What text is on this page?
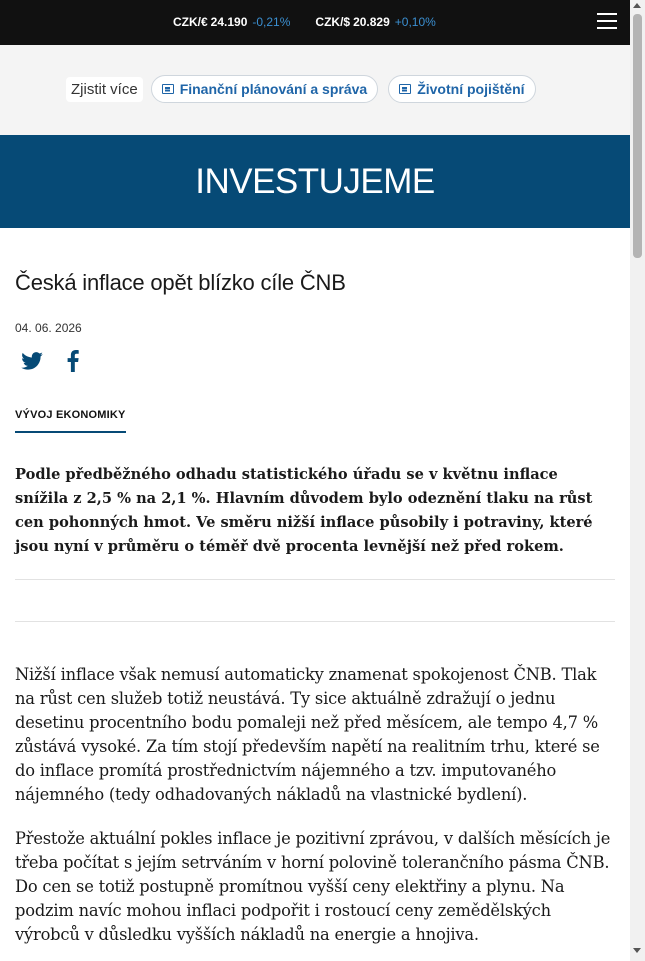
CZK/€ 24.190 -0,21% CZK/$ 20.829 +0,10%
Zjistit více	Finanční plánování a správa	Životní pojištění
INVESTUJEME
Česká inflace opět blízko cíle ČNB
04. 06. 2026
VÝVOJ EKONOMIKY

Podle předběžného odhadu statistického úřadu se v květnu inflace snížila z 2,5 % na 2,1 %. Hlavním důvodem bylo odeznění tlaku na růst cen pohonných hmot. Ve směru nižší inflace působily i potraviny, které jsou nyní v průměru o téměř dvě procenta levnější než před rokem.

Nižší inflace však nemusí automaticky znamenat spokojenost ČNB. Tlak na růst cen služeb totiž neustává. Ty sice aktuálně zdražují o jednu desetinu procentního bodu pomaleji než před měsícem, ale tempo 4,7 % zůstává vysoké. Za tím stojí především napětí na realitním trhu, které se do inflace promítá prostřednictvím nájemného a tzv. imputovaného nájemného (tedy odhadovaných nákladů na vlastnické bydlení).

Přestože aktuální pokles inflace je pozitivní zprávou, v dalších měsících je třeba počítat s jejím setrváním v horní polovině tolerančního pásma ČNB. Do cen se totiž postupně promítnou vyšší ceny elektřiny a plynu. Na podzim navíc mohou inflaci podpořit i rostoucí ceny zemědělských výrobců v důsledku vyšších nákladů na energie a hnojiva.
